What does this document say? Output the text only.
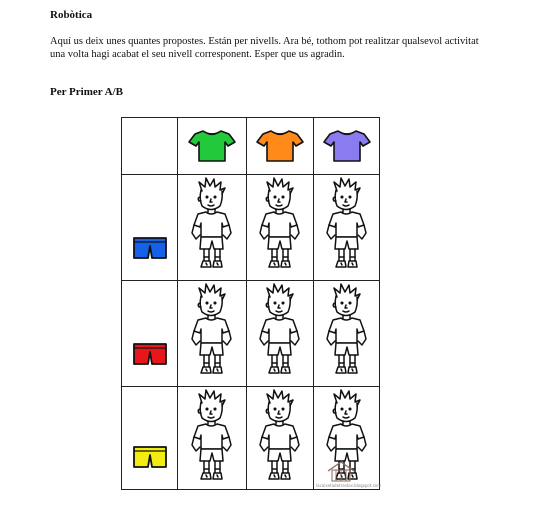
Robòtica
Aquí us deix unes quantes propostes. Están per nivells. Ara bé, tothom pot realitzar qualsevol activitat una volta hagi acabat el seu nivell corresponent. Esper que us agradin.
Per Primer A/B
lacaixetadetrastos.blogspot.com
